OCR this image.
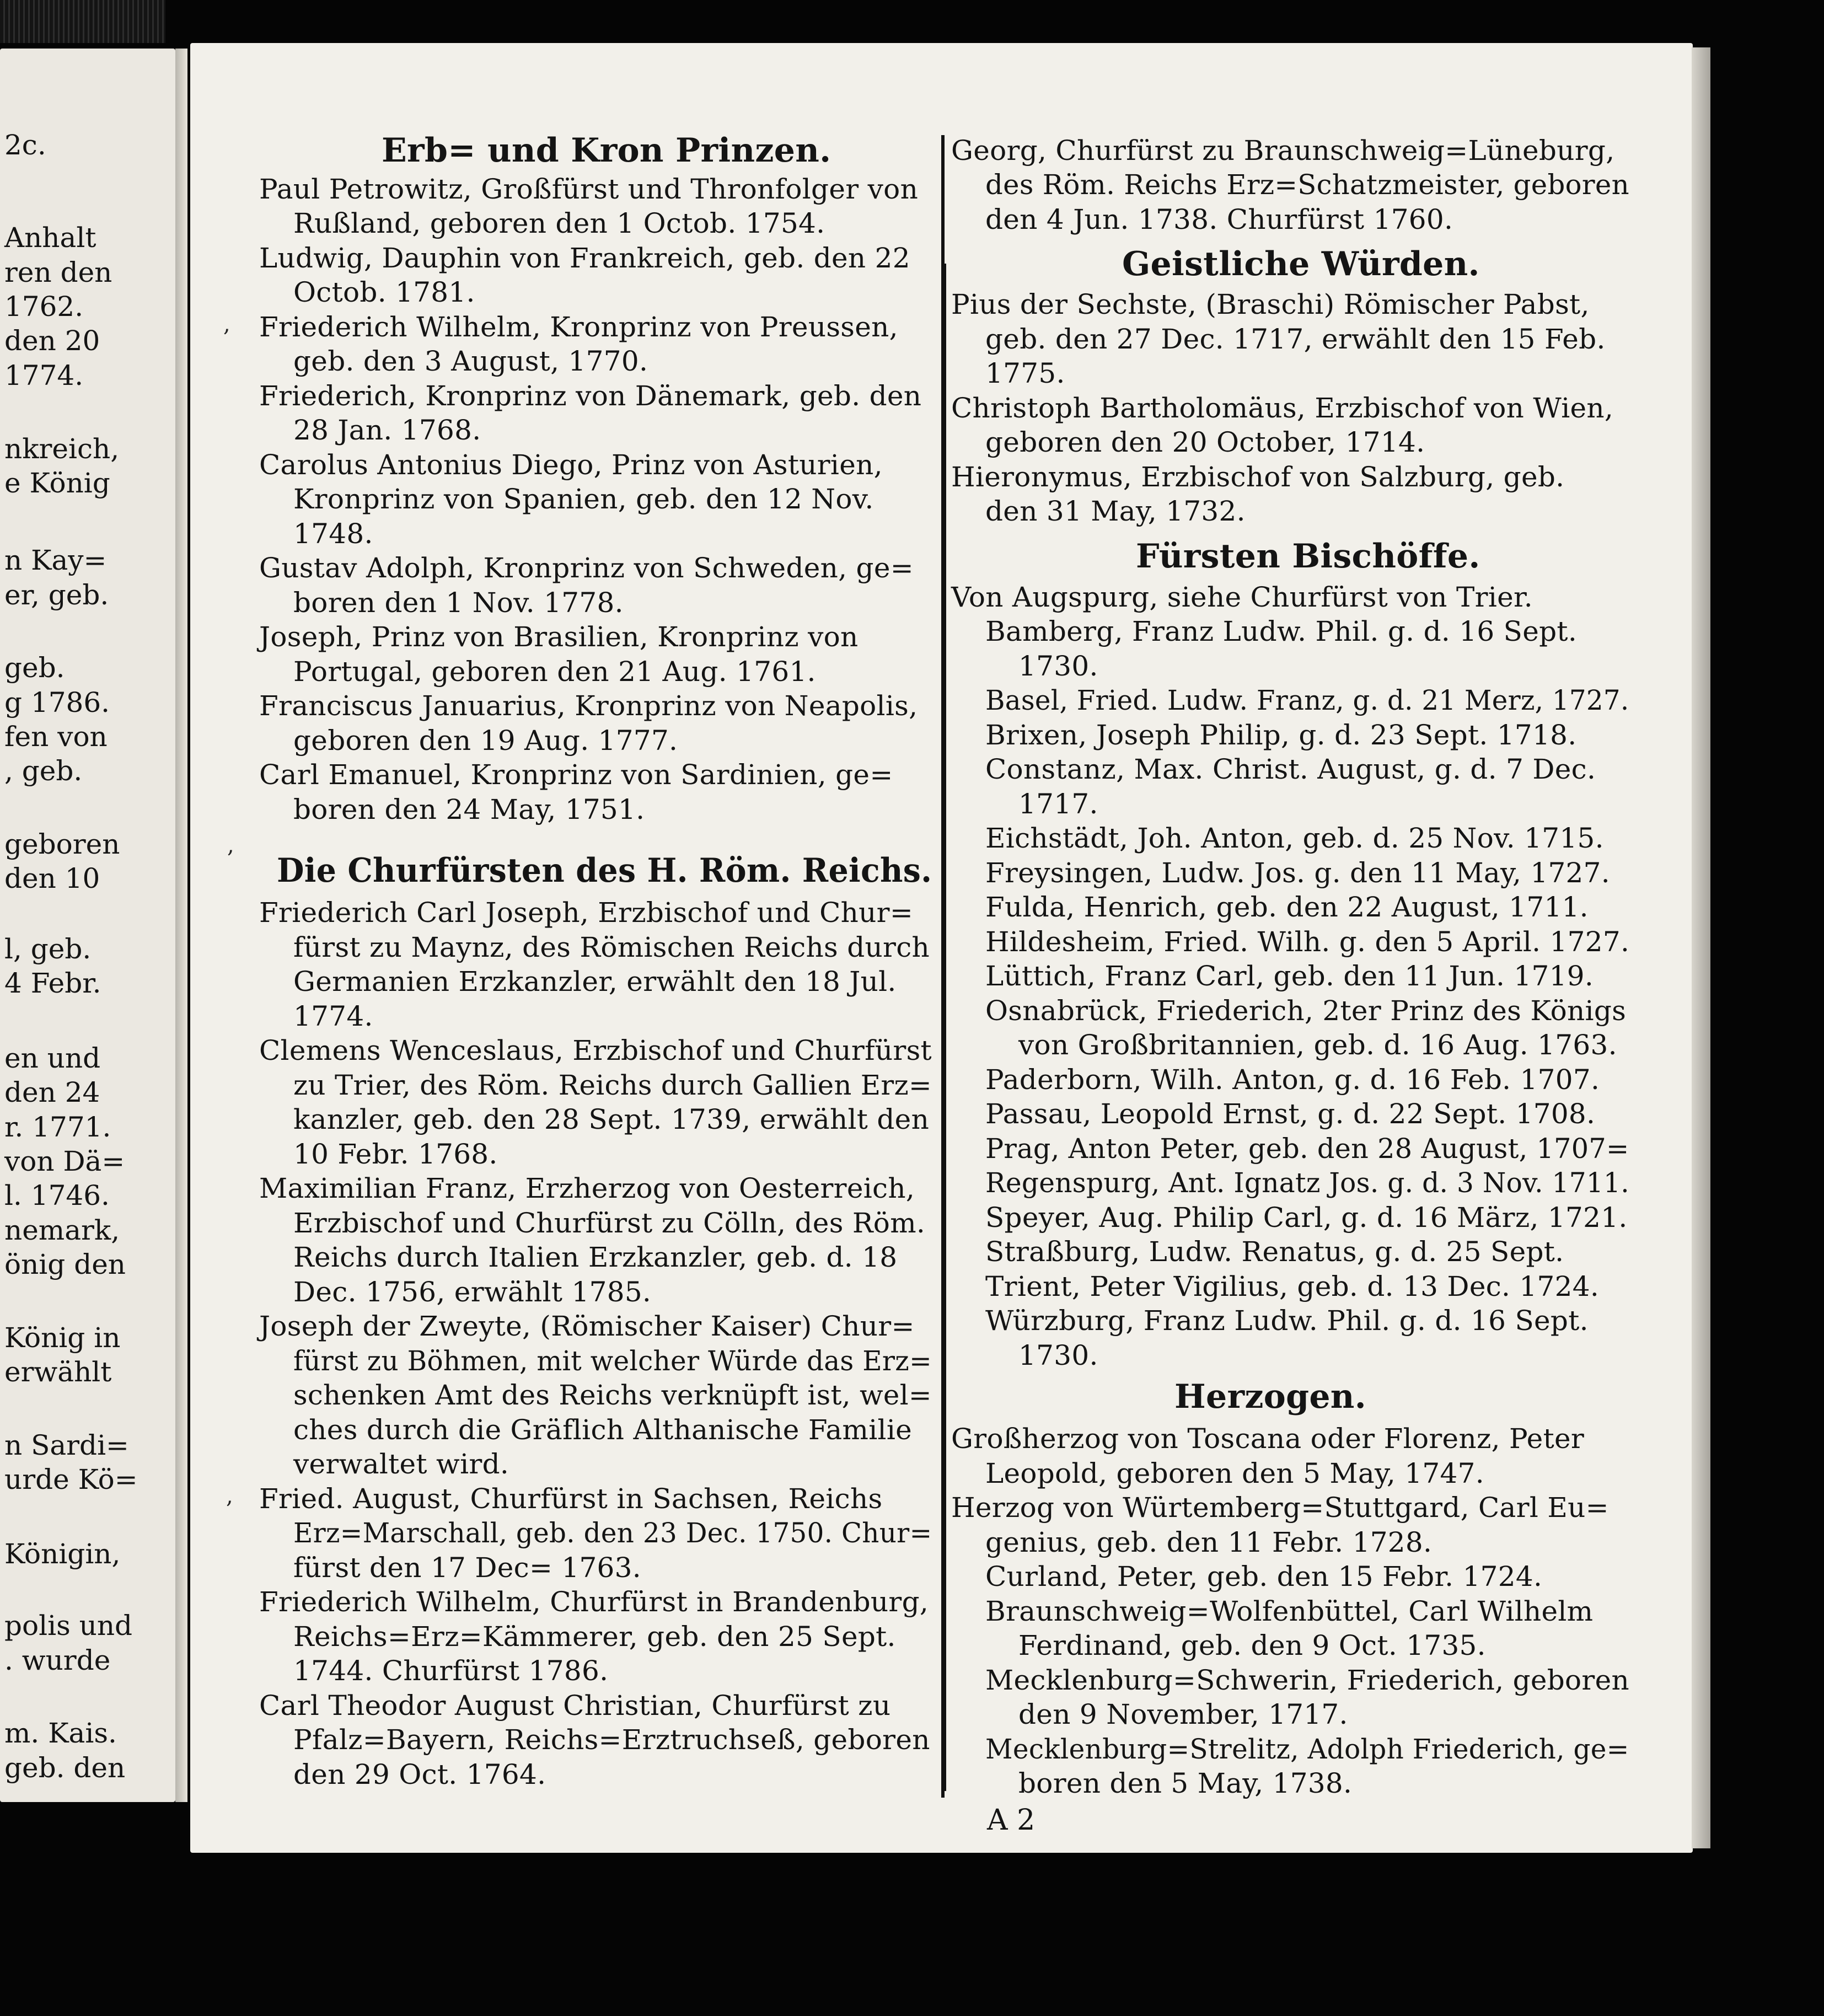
2c.
Anhalt
ren den
1762.
den 20
1774.
nkreich,
e König
n Kay=
er, geb.
geb.
g 1786.
fen von
, geb.
geboren
den 10
l, geb.
4 Febr.
en und
den 24
r. 1771.
von Dä=
l. 1746.
nemark,
önig den
König in
erwählt
n Sardi=
urde Kö=
Königin,
polis und
. wurde
m. Kais.
geb. den
Erb= und Kron Prinzen.
Paul Petrowitz, Großfürst und Thronfolger von
Rußland, geboren den 1 Octob. 1754.
Ludwig, Dauphin von Frankreich, geb. den 22
Octob. 1781.
Friederich Wilhelm, Kronprinz von Preussen,
geb. den 3 August, 1770.
Friederich, Kronprinz von Dänemark, geb. den
28 Jan. 1768.
Carolus Antonius Diego, Prinz von Asturien,
Kronprinz von Spanien, geb. den 12 Nov.
1748.
Gustav Adolph, Kronprinz von Schweden, ge=
boren den 1 Nov. 1778.
Joseph, Prinz von Brasilien, Kronprinz von
Portugal, geboren den 21 Aug. 1761.
Franciscus Januarius, Kronprinz von Neapolis,
geboren den 19 Aug. 1777.
Carl Emanuel, Kronprinz von Sardinien, ge=
boren den 24 May, 1751.
Die Churfürsten des H. Röm. Reichs.
Friederich Carl Joseph, Erzbischof und Chur=
fürst zu Maynz, des Römischen Reichs durch
Germanien Erzkanzler, erwählt den 18 Jul.
1774.
Clemens Wenceslaus, Erzbischof und Churfürst
zu Trier, des Röm. Reichs durch Gallien Erz=
kanzler, geb. den 28 Sept. 1739, erwählt den
10 Febr. 1768.
Maximilian Franz, Erzherzog von Oesterreich,
Erzbischof und Churfürst zu Cölln, des Röm.
Reichs durch Italien Erzkanzler, geb. d. 18
Dec. 1756, erwählt 1785.
Joseph der Zweyte, (Römischer Kaiser) Chur=
fürst zu Böhmen, mit welcher Würde das Erz=
schenken Amt des Reichs verknüpft ist, wel=
ches durch die Gräflich Althanische Familie
verwaltet wird.
Fried. August, Churfürst in Sachsen, Reichs
Erz=Marschall, geb. den 23 Dec. 1750. Chur=
fürst den 17 Dec= 1763.
Friederich Wilhelm, Churfürst in Brandenburg,
Reichs=Erz=Kämmerer, geb. den 25 Sept.
1744. Churfürst 1786.
Carl Theodor August Christian, Churfürst zu
Pfalz=Bayern, Reichs=Erztruchseß, geboren
den 29 Oct. 1764.
Georg, Churfürst zu Braunschweig=Lüneburg,
des Röm. Reichs Erz=Schatzmeister, geboren
den 4 Jun. 1738. Churfürst 1760.
Geistliche Würden.
Pius der Sechste, (Braschi) Römischer Pabst,
geb. den 27 Dec. 1717, erwählt den 15 Feb.
1775.
Christoph Bartholomäus, Erzbischof von Wien,
geboren den 20 October, 1714.
Hieronymus, Erzbischof von Salzburg, geb.
den 31 May, 1732.
Fürsten Bischöffe.
Von Augspurg, siehe Churfürst von Trier.
Bamberg, Franz Ludw. Phil. g. d. 16 Sept.
1730.
Basel, Fried. Ludw. Franz, g. d. 21 Merz, 1727.
Brixen, Joseph Philip, g. d. 23 Sept. 1718.
Constanz, Max. Christ. August, g. d. 7 Dec.
1717.
Eichstädt, Joh. Anton, geb. d. 25 Nov. 1715.
Freysingen, Ludw. Jos. g. den 11 May, 1727.
Fulda, Henrich, geb. den 22 August, 1711.
Hildesheim, Fried. Wilh. g. den 5 April. 1727.
Lüttich, Franz Carl, geb. den 11 Jun. 1719.
Osnabrück, Friederich, 2ter Prinz des Königs
von Großbritannien, geb. d. 16 Aug. 1763.
Paderborn, Wilh. Anton, g. d. 16 Feb. 1707.
Passau, Leopold Ernst, g. d. 22 Sept. 1708.
Prag, Anton Peter, geb. den 28 August, 1707=
Regenspurg, Ant. Ignatz Jos. g. d. 3 Nov. 1711.
Speyer, Aug. Philip Carl, g. d. 16 März, 1721.
Straßburg, Ludw. Renatus, g. d. 25 Sept.
Trient, Peter Vigilius, geb. d. 13 Dec. 1724.
Würzburg, Franz Ludw. Phil. g. d. 16 Sept.
1730.
Herzogen.
Großherzog von Toscana oder Florenz, Peter
Leopold, geboren den 5 May, 1747.
Herzog von Würtemberg=Stuttgard, Carl Eu=
genius, geb. den 11 Febr. 1728.
Curland, Peter, geb. den 15 Febr. 1724.
Braunschweig=Wolfenbüttel, Carl Wilhelm
Ferdinand, geb. den 9 Oct. 1735.
Mecklenburg=Schwerin, Friederich, geboren
den 9 November, 1717.
Mecklenburg=Strelitz, Adolph Friederich, ge=
boren den 5 May, 1738.
A 2
,
,
,
